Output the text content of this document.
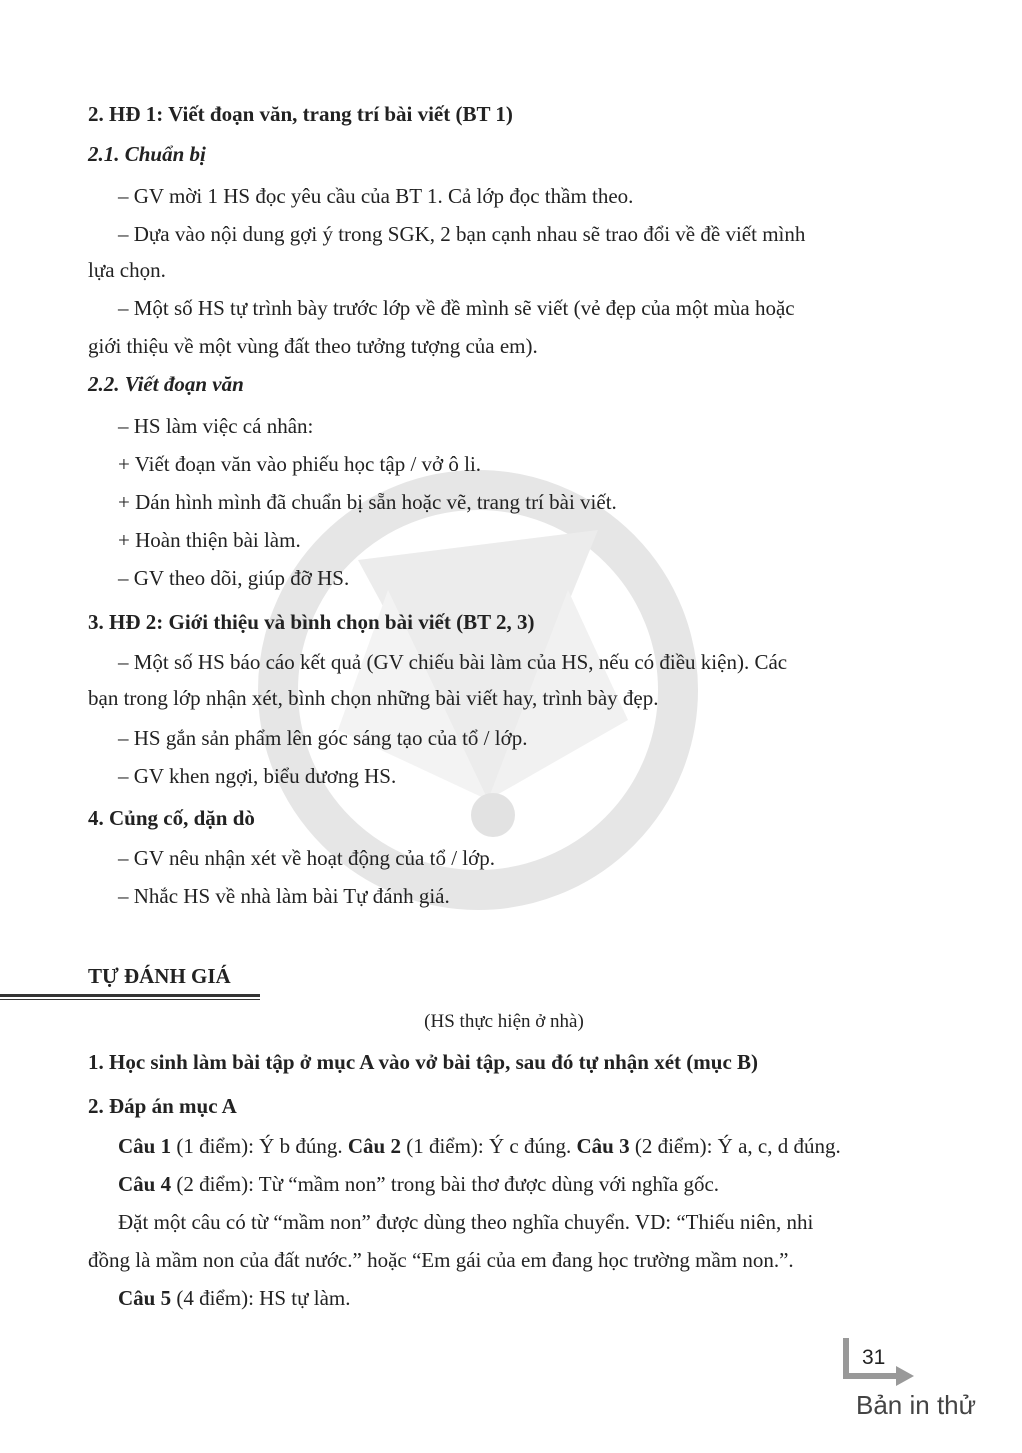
2. HĐ 1: Viết đoạn văn, trang trí bài viết (BT 1)
2.1. Chuẩn bị
– GV mời 1 HS đọc yêu cầu của BT 1. Cả lớp đọc thầm theo.
– Dựa vào nội dung gợi ý trong SGK, 2 bạn cạnh nhau sẽ trao đổi về đề viết mình
lựa chọn.
– Một số HS tự trình bày trước lớp về đề mình sẽ viết (vẻ đẹp của một mùa hoặc
giới thiệu về một vùng đất theo tưởng tượng của em).
2.2. Viết đoạn văn
– HS làm việc cá nhân:
+ Viết đoạn văn vào phiếu học tập / vở ô li.
+ Dán hình mình đã chuẩn bị sẵn hoặc vẽ, trang trí bài viết.
+ Hoàn thiện bài làm.
– GV theo dõi, giúp đỡ HS.
3. HĐ 2: Giới thiệu và bình chọn bài viết (BT 2, 3)
– Một số HS báo cáo kết quả (GV chiếu bài làm của HS, nếu có điều kiện). Các
bạn trong lớp nhận xét, bình chọn những bài viết hay, trình bày đẹp.
– HS gắn sản phẩm lên góc sáng tạo của tổ / lớp.
– GV khen ngợi, biểu dương HS.
4. Củng cố, dặn dò
– GV nêu nhận xét về hoạt động của tổ / lớp.
– Nhắc HS về nhà làm bài Tự đánh giá.
TỰ ĐÁNH GIÁ
(HS thực hiện ở nhà)
1. Học sinh làm bài tập ở mục A vào vở bài tập, sau đó tự nhận xét (mục B)
2. Đáp án mục A
Câu 1 (1 điểm): Ý b đúng. Câu 2 (1 điểm): Ý c đúng. Câu 3 (2 điểm): Ý a, c, d đúng.
Câu 4 (2 điểm): Từ “mầm non” trong bài thơ được dùng với nghĩa gốc.
Đặt một câu có từ “mầm non” được dùng theo nghĩa chuyển. VD: “Thiếu niên, nhi
đồng là mầm non của đất nước.” hoặc “Em gái của em đang học trường mầm non.”.
Câu 5 (4 điểm): HS tự làm.
31
Bản in thử
